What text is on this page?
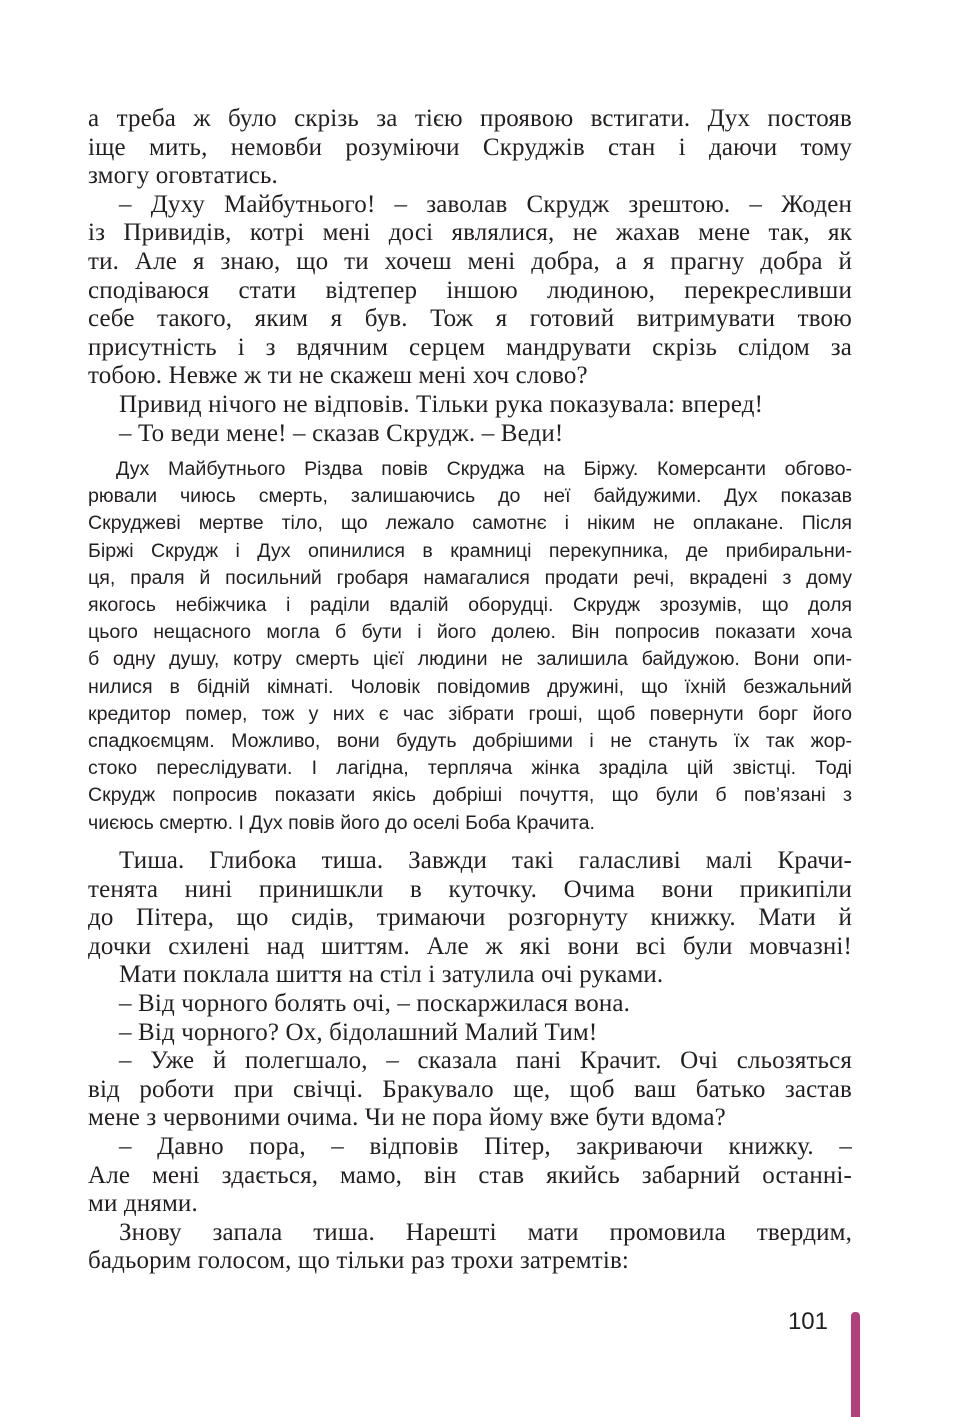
а треба ж було скрізь за тією проявою встигати. Дух постояв
іще мить, немовби розуміючи Скруджів стан і даючи тому
змогу оговтатись.
– Духу Майбутнього! – заволав Скрудж зрештою. – Жоден
із Привидів, котрі мені досі являлися, не жахав мене так, як
ти. Але я знаю, що ти хочеш мені добра, а я прагну добра й
сподіваюся стати відтепер іншою людиною, перекресливши
себе такого, яким я був. Тож я готовий витримувати твою
присутність і з вдячним серцем мандрувати скрізь слідом за
тобою. Невже ж ти не скажеш мені хоч слово?
Привид нічого не відповів. Тільки рука показувала: вперед!
– То веди мене! – сказав Скрудж. – Веди!
Дух Майбутнього Різдва повів Скруджа на Біржу. Комерсанти обгово-
рювали чиюсь смерть, залишаючись до неї байдужими. Дух показав
Скруджеві мертве тіло, що лежало самотнє і ніким не оплакане. Після
Біржі Скрудж і Дух опинилися в крамниці перекупника, де прибиральни-
ця, праля й посильний гробаря намагалися продати речі, вкрадені з дому
якогось небіжчика і раділи вдалій оборудці. Скрудж зрозумів, що доля
цього нещасного могла б бути і його долею. Він попросив показати хоча
б одну душу, котру смерть цієї людини не залишила байдужою. Вони опи-
нилися в бідній кімнаті. Чоловік повідомив дружині, що їхній безжальний
кредитор помер, тож у них є час зібрати гроші, щоб повернути борг його
спадкоємцям. Можливо, вони будуть добрішими і не стануть їх так жор-
стоко переслідувати. І лагідна, терпляча жінка зраділа цій звістці. Тоді
Скрудж попросив показати якісь добріші почуття, що були б пов’язані з
чиєюсь смертю. І Дух повів його до оселі Боба Крачита.
Тиша. Глибока тиша. Завжди такі галасливі малі Крачи-
тенята нині принишкли в куточку. Очима вони прикипіли
до Пітера, що сидів, тримаючи розгорнуту книжку. Мати й
дочки схилені над шиттям. Але ж які вони всі були мовчазні!
Мати поклала шиття на стіл і затулила очі руками.
– Від чорного болять очі, – поскаржилася вона.
– Від чорного? Ох, бідолашний Малий Тим!
– Уже й полегшало, – сказала пані Крачит. Очі сльозяться
від роботи при свічці. Бракувало ще, щоб ваш батько застав
мене з червоними очима. Чи не пора йому вже бути вдома?
– Давно пора, – відповів Пітер, закриваючи книжку. –
Але мені здається, мамо, він став якийсь забарний останні-
ми днями.
Знову запала тиша. Нарешті мати промовила твердим,
бадьорим голосом, що тільки раз трохи затремтів:
101
